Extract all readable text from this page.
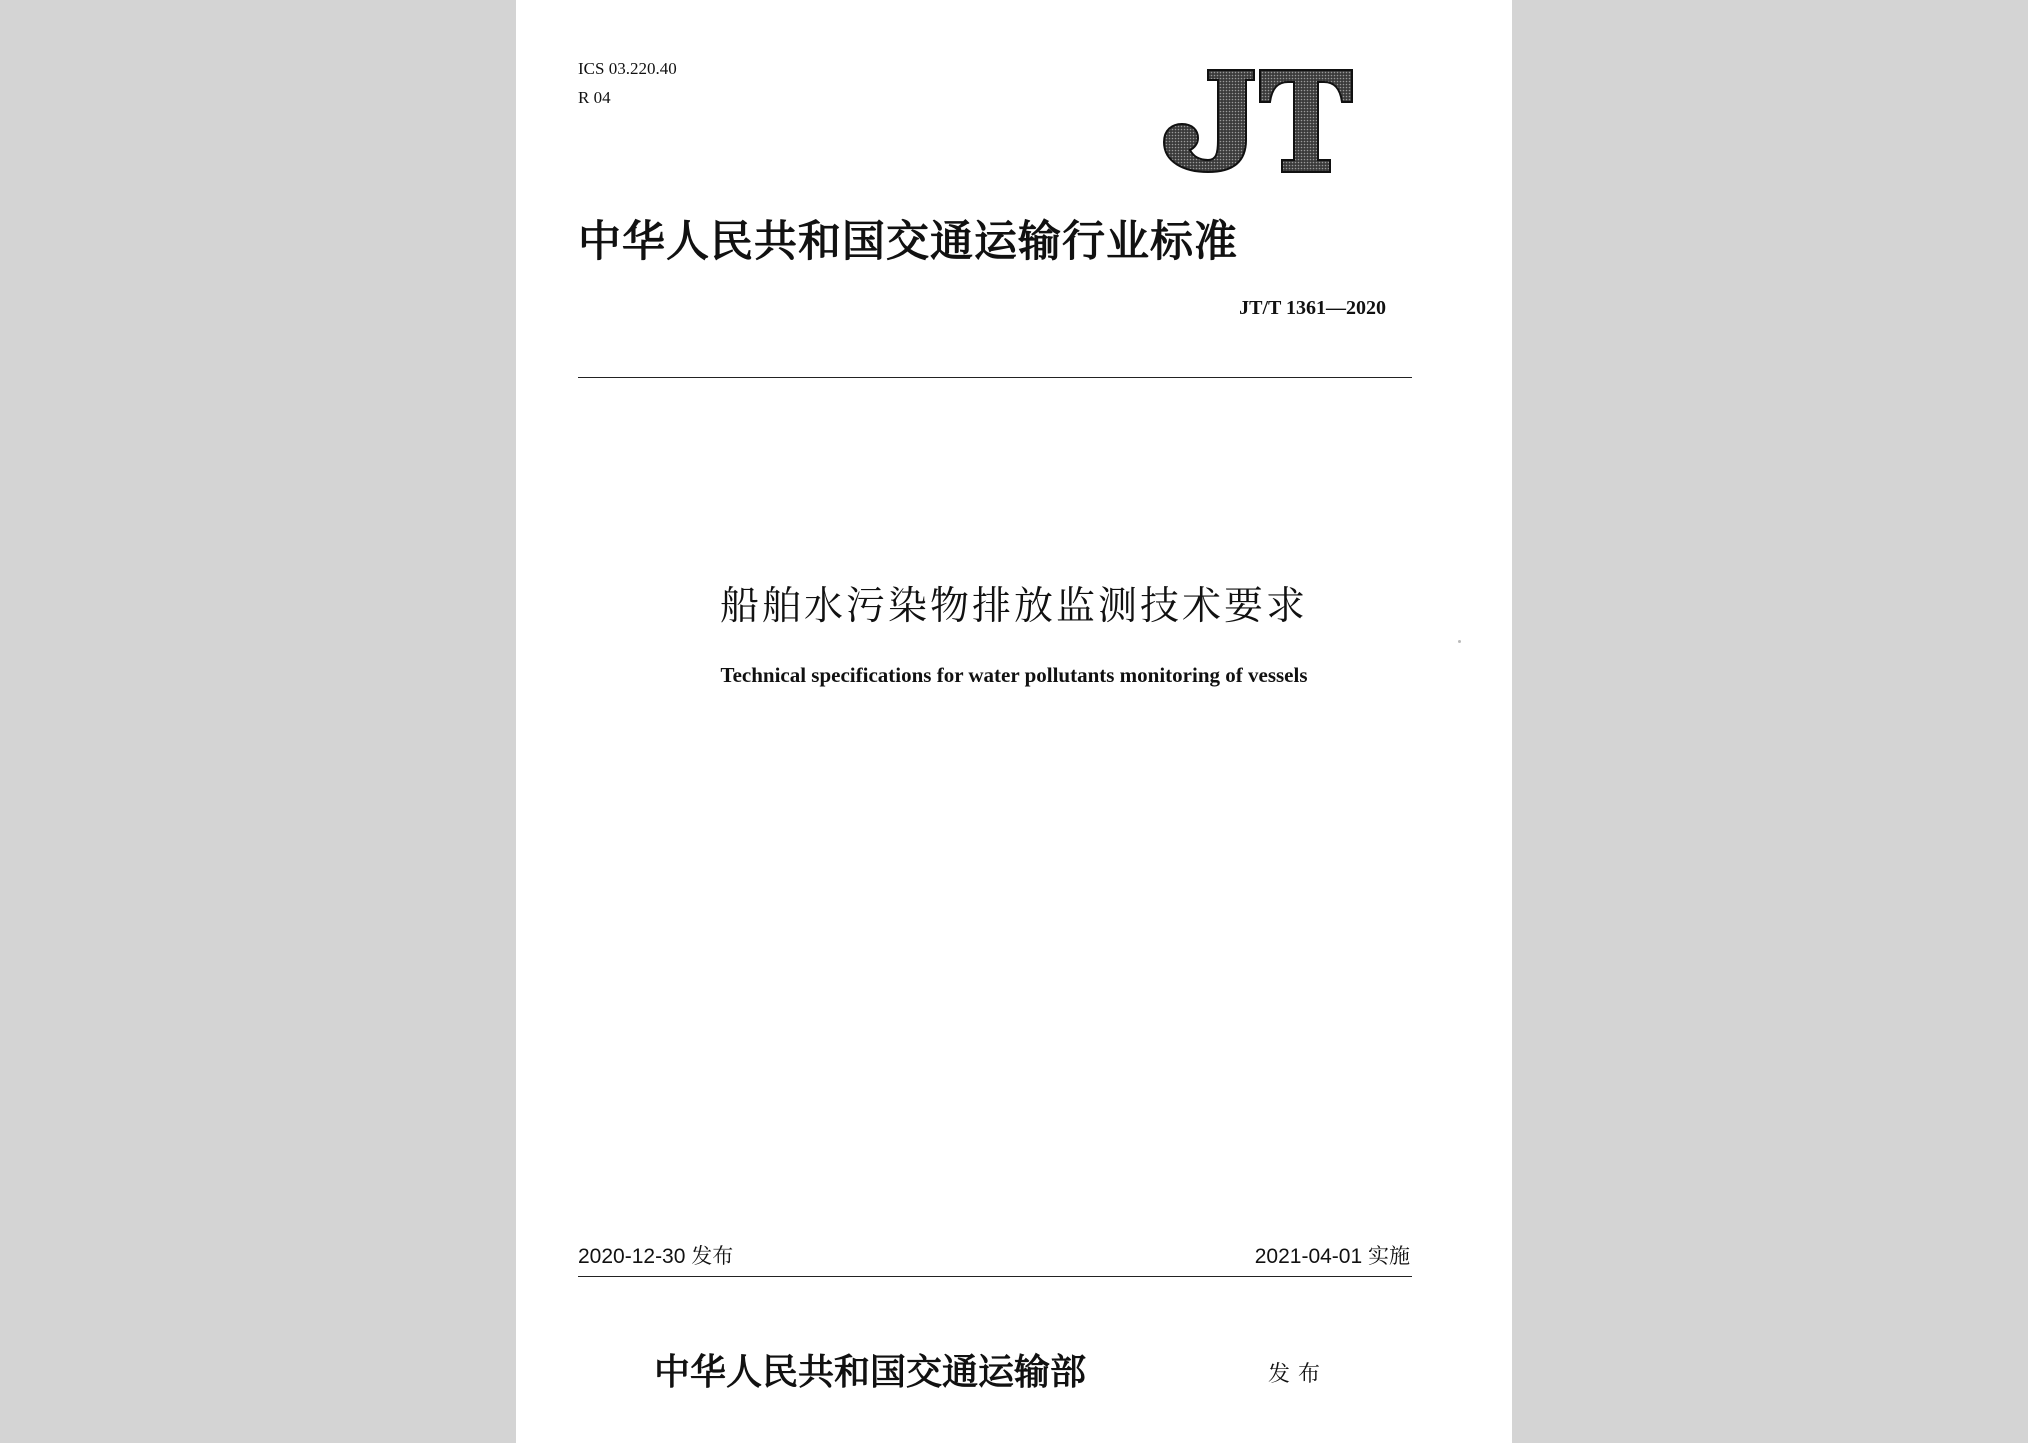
ICS 03.220.40
R 04
中华人民共和国交通运输行业标准
JT/T 1361—2020
船舶水污染物排放监测技术要求
Technical specifications for water pollutants monitoring of vessels
2020-12-30 发布	2021-04-01 实施
中华人民共和国交通运输部	发布
